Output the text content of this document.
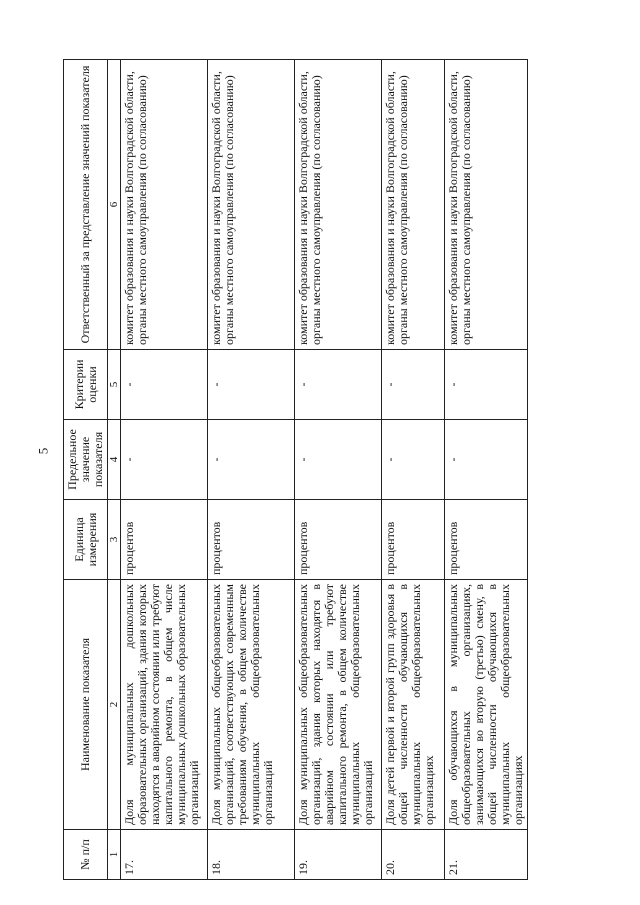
5
№ п/п	Наименование показателя	Единица измерения	Предельное значение показателя	Критерии оценки	Ответственный за представление значений показателя
1	2	3	4	5	6
17.	Доля муниципальных дошкольных образовательных организаций, здания которых находятся в аварийном состоянии или требуют капитального ремонта, в общем числе муниципальных дошкольных образовательных организаций	процентов	-	-	комитет образования и науки Волгоградской области, органы местного самоуправления (по согласованию)
18.	Доля муниципальных общеобразовательных организаций, соответствующих современным требованиям обучения, в общем количестве муниципальных общеобразовательных организаций	процентов	-	-	комитет образования и науки Волгоградской области, органы местного самоуправления (по согласованию)
19.	Доля муниципальных общеобразовательных организаций, здания которых находятся в аварийном состоянии или требуют капитального ремонта, в общем количестве муниципальных общеобразовательных организаций	процентов	-	-	комитет образования и науки Волгоградской области, органы местного самоуправления (по согласованию)
20.	Доля детей первой и второй групп здоровья в общей численности обучающихся в муниципальных общеобразовательных организациях	процентов	-	-	комитет образования и науки Волгоградской области, органы местного самоуправления (по согласованию)
21.	Доля обучающихся в муниципальных общеобразовательных организациях, занимающихся во вторую (третью) смену, в общей численности обучающихся в муниципальных общеобразовательных организациях	процентов	-	-	комитет образования и науки Волгоградской области, органы местного самоуправления (по согласованию)
